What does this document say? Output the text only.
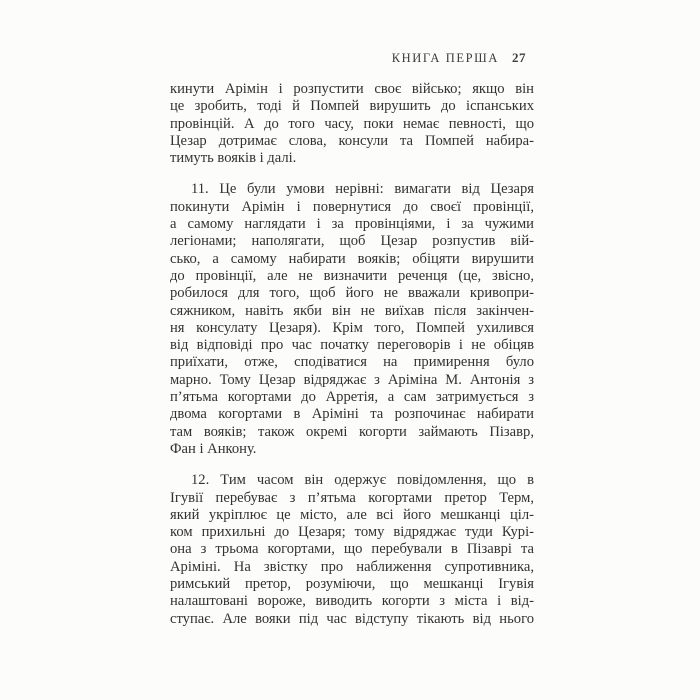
КНИГА ПЕРША 27
кинути Арімін і розпустити своє військо; якщо він
це зробить, тоді й Помпей вирушить до іспанських
провінцій. А до того часу, поки немає певності, що
Цезар дотримає слова, консули та Помпей набира-
тимуть вояків і далі.
11. Це були умови нерівні: вимагати від Цезаря
покинути Арімін і повернутися до своєї провінції,
а самому наглядати і за провінціями, і за чужими
легіонами; наполягати, щоб Цезар розпустив вій-
сько, а самому набирати вояків; обіцяти вирушити
до провінції, але не визначити реченця (це, звісно,
робилося для того, щоб його не вважали кривопри-
сяжником, навіть якби він не виїхав після закінчен-
ня консулату Цезаря). Крім того, Помпей ухилився
від відповіді про час початку переговорів і не обіцяв
приїхати, отже, сподіватися на примирення було
марно. Тому Цезар відряджає з Аріміна М. Антонія з
п’ятьма когортами до Арретія, а сам затримується з
двома когортами в Аріміні та розпочинає набирати
там вояків; також окремі когорти займають Пізавр,
Фан і Анкону.
12. Тим часом він одержує повідомлення, що в
Ігувії перебуває з п’ятьма когортами претор Терм,
який укріплює це місто, але всі його мешканці ціл-
ком прихильні до Цезаря; тому відряджає туди Курі-
она з трьома когортами, що перебували в Пізаврі та
Аріміні. На звістку про наближення супротивника,
римський претор, розуміючи, що мешканці Ігувія
налаштовані вороже, виводить когорти з міста і від-
ступає. Але вояки під час відступу тікають від нього
